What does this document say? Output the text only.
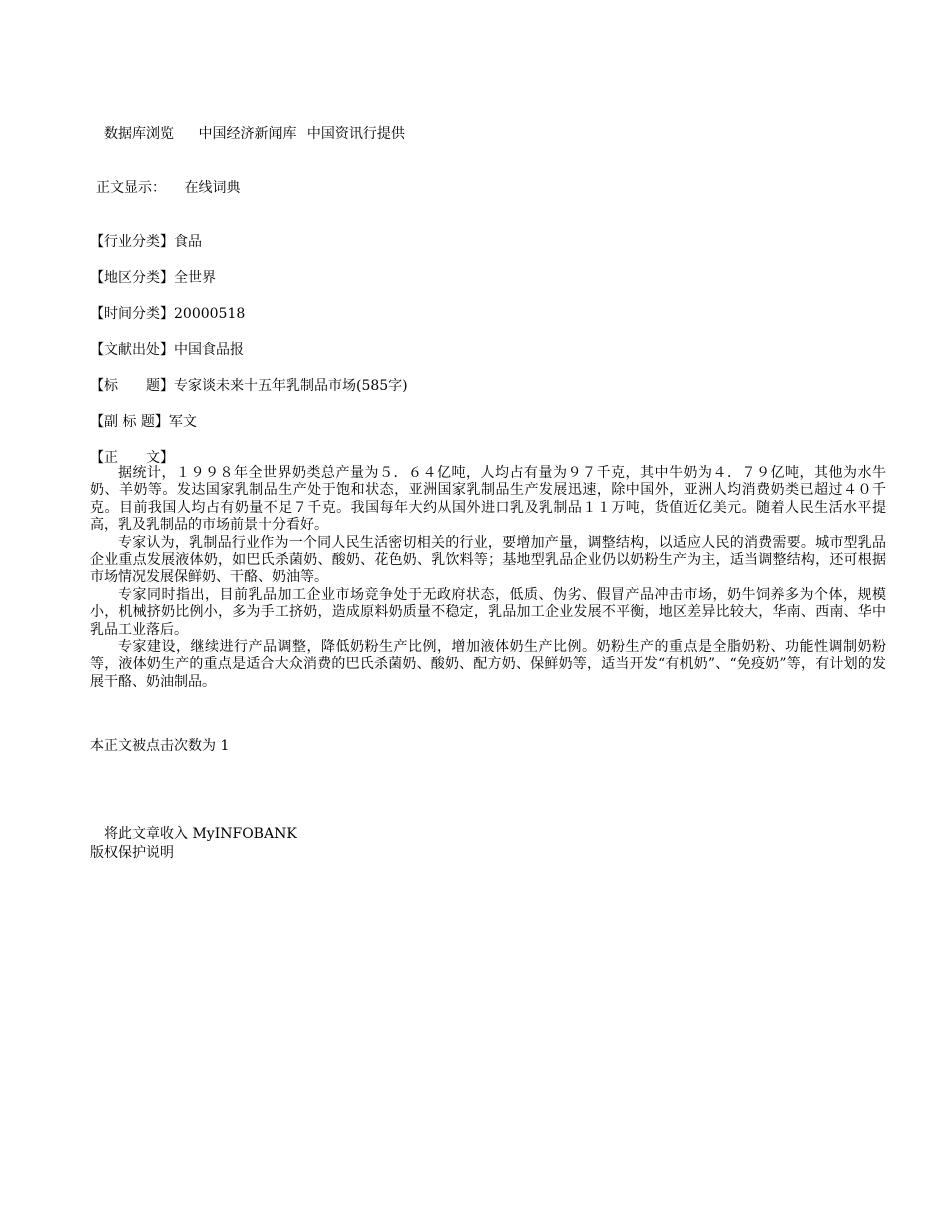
数据库浏览 中国经济新闻库 中国资讯行提供
正文显示： 在线词典
【行业分类】食品
【地区分类】全世界
【时间分类】20000518
【文献出处】中国食品报
【标　　题】专家谈未来十五年乳制品市场(585字)
【副 标 题】军文
【正　　文】

据统计，１９９８年全世界奶类总产量为５．６４亿吨，人均占有量为９７千克，其中牛奶为４．７９亿吨，其他为水牛奶、羊奶等。发达国家乳制品生产处于饱和状态，亚洲国家乳制品生产发展迅速，除中国外，亚洲人均消费奶类已超过４０千克。目前我国人均占有奶量不足７千克。我国每年大约从国外进口乳及乳制品１１万吨，货值近亿美元。随着人民生活水平提高，乳及乳制品的市场前景十分看好。

专家认为，乳制品行业作为一个同人民生活密切相关的行业，要增加产量，调整结构，以适应人民的消费需要。城市型乳品企业重点发展液体奶，如巴氏杀菌奶、酸奶、花色奶、乳饮料等；基地型乳品企业仍以奶粉生产为主，适当调整结构，还可根据市场情况发展保鲜奶、干酪、奶油等。

专家同时指出，目前乳品加工企业市场竞争处于无政府状态，低质、伪劣、假冒产品冲击市场，奶牛饲养多为个体，规模小，机械挤奶比例小，多为手工挤奶，造成原料奶质量不稳定，乳品加工企业发展不平衡，地区差异比较大，华南、西南、华中乳品工业落后。

专家建设，继续进行产品调整，降低奶粉生产比例，增加液体奶生产比例。奶粉生产的重点是全脂奶粉、功能性调制奶粉等，液体奶生产的重点是适合大众消费的巴氏杀菌奶、酸奶、配方奶、保鲜奶等，适当开发“有机奶”、“免疫奶”等，有计划的发展干酪、奶油制品。

本正文被点击次数为 1
将此文章收入 MyINFOBANK
版权保护说明
